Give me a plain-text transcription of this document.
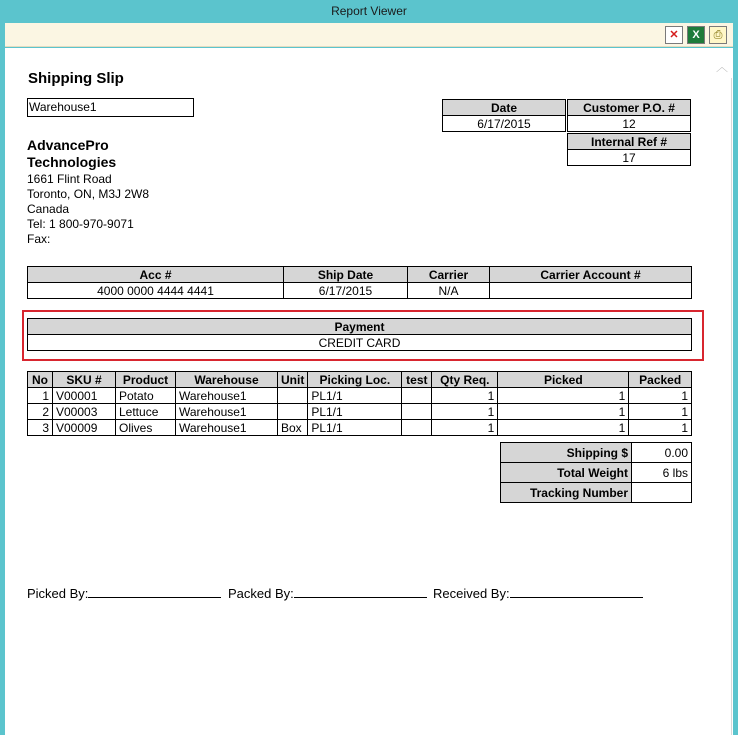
Report Viewer
✕	X	⎙
Shipping Slip
Warehouse1
AdvancePro Technologies
1661 Flint Road
Toronto, ON, M3J 2W8
Canada
Tel: 1 800-970-9071
Fax:
Date
6/17/2015
Customer P.O. #
12
Internal Ref #
17
Acc #	Ship Date	Carrier	Carrier Account #
4000 0000 4444 4441	6/17/2015	N/A	
Payment
CREDIT CARD
No	SKU #	Product	Warehouse	Unit	Picking Loc.	test	Qty Req.	Picked	Packed
1	V00001	Potato	Warehouse1		PL1/1		1	1	1
2	V00003	Lettuce	Warehouse1		PL1/1		1	1	1
3	V00009	Olives	Warehouse1	Box	PL1/1		1	1	1
Shipping $	0.00
Total Weight	6 lbs
Tracking Number	
Picked By:	Packed By:	Received By:
︿
